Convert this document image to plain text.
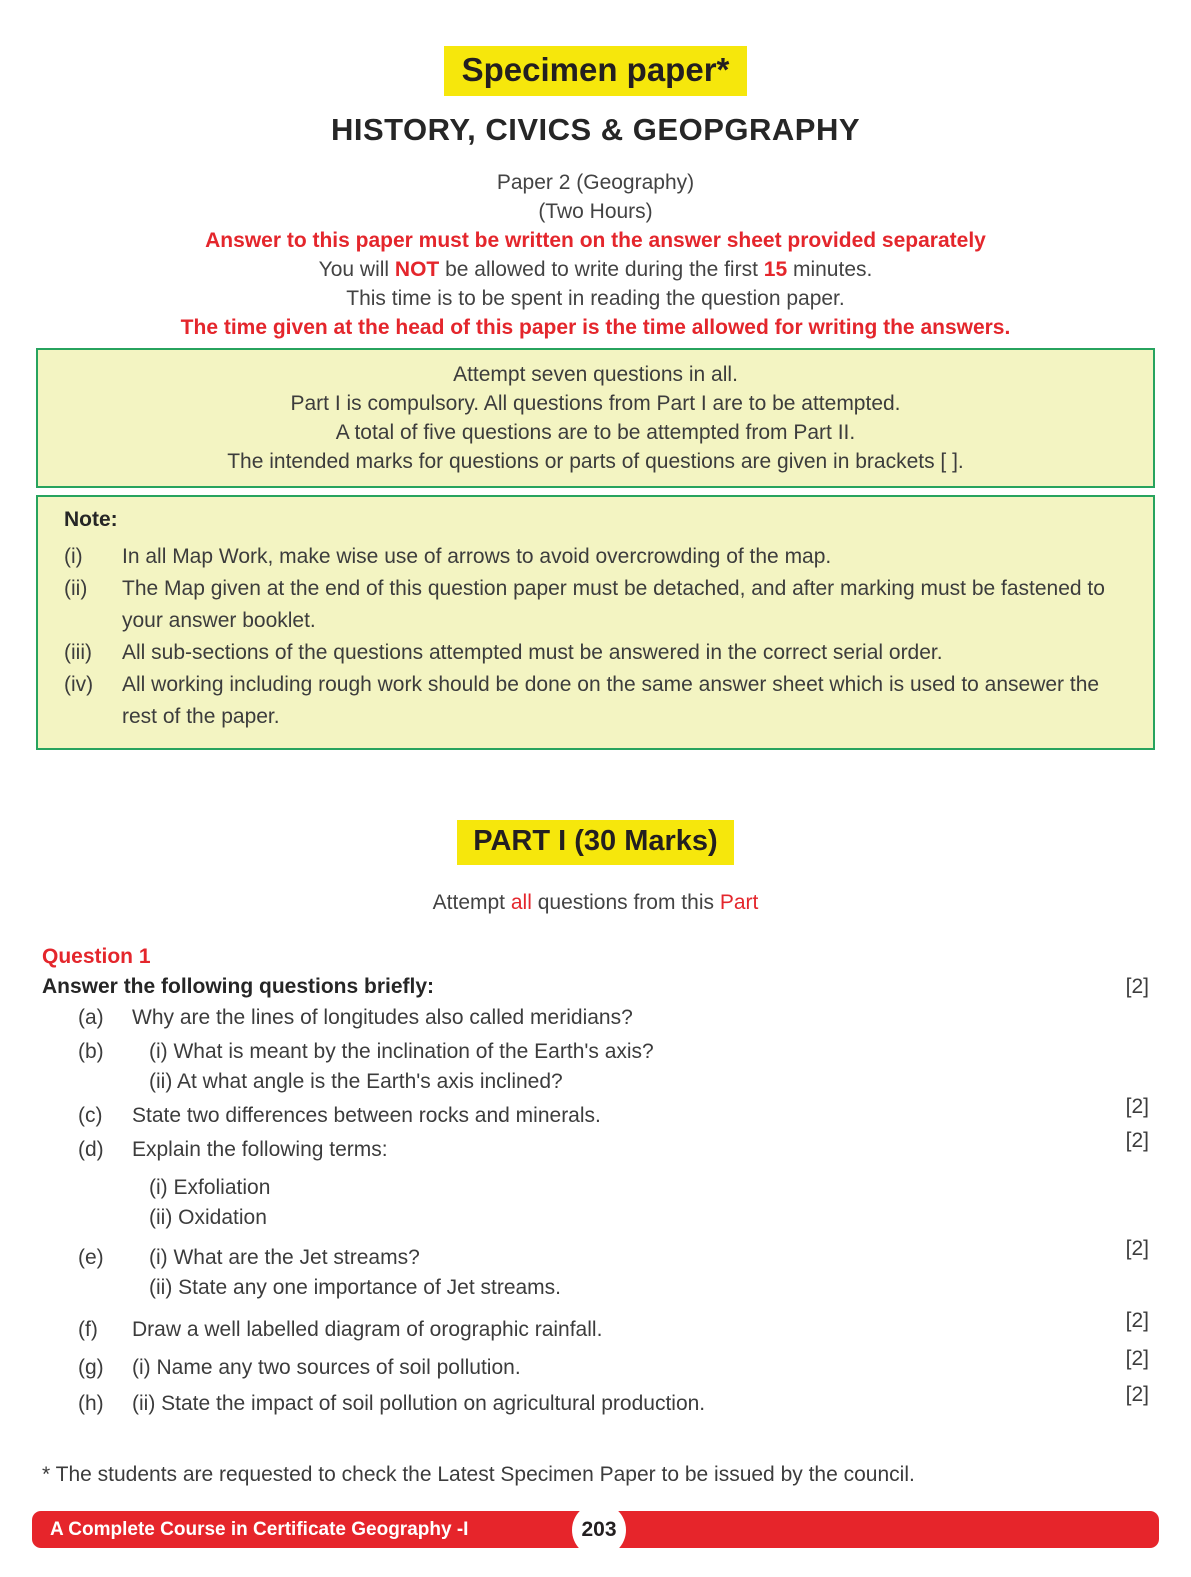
Specimen paper*
HISTORY, CIVICS & GEOPGRAPHY
Paper 2 (Geography)
(Two Hours)
Answer to this paper must be written on the answer sheet provided separately
You will NOT be allowed to write during the first 15 minutes.
This time is to be spent in reading the question paper.
The time given at the head of this paper is the time allowed for writing the answers.
Attempt seven questions in all.
Part I is compulsory. All questions from Part I are to be attempted.
A total of five questions are to be attempted from Part II.
The intended marks for questions or parts of questions are given in brackets [ ].
Note:
(i)	In all Map Work, make wise use of arrows to avoid overcrowding of the map.
(ii)	The Map given at the end of this question paper must be detached, and after marking must be fastened to your answer booklet.
(iii)	All sub-sections of the questions attempted must be answered in the correct serial order.
(iv)	All working including rough work should be done on the same answer sheet which is used to ansewer the rest of the paper.
PART I (30 Marks)
Attempt all questions from this Part
Question 1
Answer the following questions briefly:	[2]
(a)	Why are the lines of longitudes also called meridians?
(b)	(i) What is meant by the inclination of the Earth's axis?
(ii) At what angle is the Earth's axis inclined?
(c)	State two differences between rocks and minerals.	[2]
(d)	Explain the following terms:	[2]
(i) Exfoliation
(ii) Oxidation
(e)	(i) What are the Jet streams?
(ii) State any one importance of Jet streams.
[2]
(f)	Draw a well labelled diagram of orographic rainfall.	[2]
(g)	(i) Name any two sources of soil pollution.	[2]
(h)	(ii) State the impact of soil pollution on agricultural production.	[2]
* The students are requested to check the Latest Specimen Paper to be issued by the council.
A Complete Course in Certificate Geography -I	203
